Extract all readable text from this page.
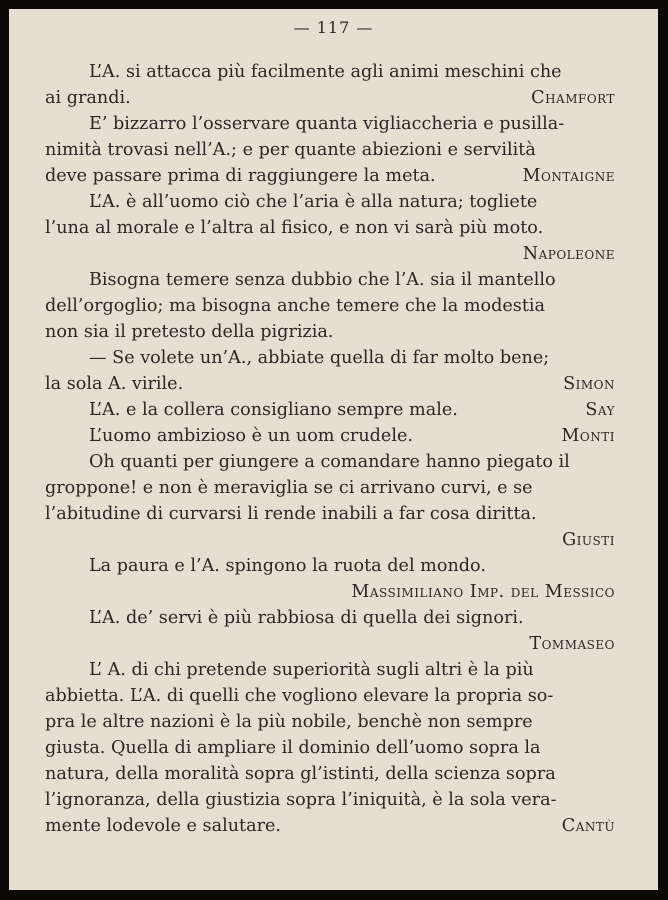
— 117 —
L’A. si attacca più facilmente agli animi meschini che
ai grandi.	Chamfort
E’ bizzarro l’osservare quanta vigliaccheria e pusilla-
nimità trovasi nell’A.; e per quante abiezioni e servilità
deve passare prima di raggiungere la meta.	Montaigne
L’A. è all’uomo ciò che l’aria è alla natura; togliete
l’una al morale e l’altra al fisico, e non vi sarà più moto.
Napoleone
Bisogna temere senza dubbio che l’A. sia il mantello
dell’orgoglio; ma bisogna anche temere che la modestia
non sia il pretesto della pigrizia.
— Se volete un’A., abbiate quella di far molto bene;
la sola A. virile.	Simon
L’A. e la collera consigliano sempre male.	Say
L’uomo ambizioso è un uom crudele.	Monti
Oh quanti per giungere a comandare hanno piegato il
groppone! e non è meraviglia se ci arrivano curvi, e se
l’abitudine di curvarsi li rende inabili a far cosa diritta.
Giusti
La paura e l’A. spingono la ruota del mondo.
Massimiliano Imp. del Messico
L’A. de’ servi è più rabbiosa di quella dei signori.
Tommaseo
L’ A. di chi pretende superiorità sugli altri è la più
abbietta. L’A. di quelli che vogliono elevare la propria so-
pra le altre nazioni è la più nobile, benchè non sempre
giusta. Quella di ampliare il dominio dell’uomo sopra la
natura, della moralità sopra gl’istinti, della scienza sopra
l’ignoranza, della giustizia sopra l’iniquità, è la sola vera-
mente lodevole e salutare.	Cantù
